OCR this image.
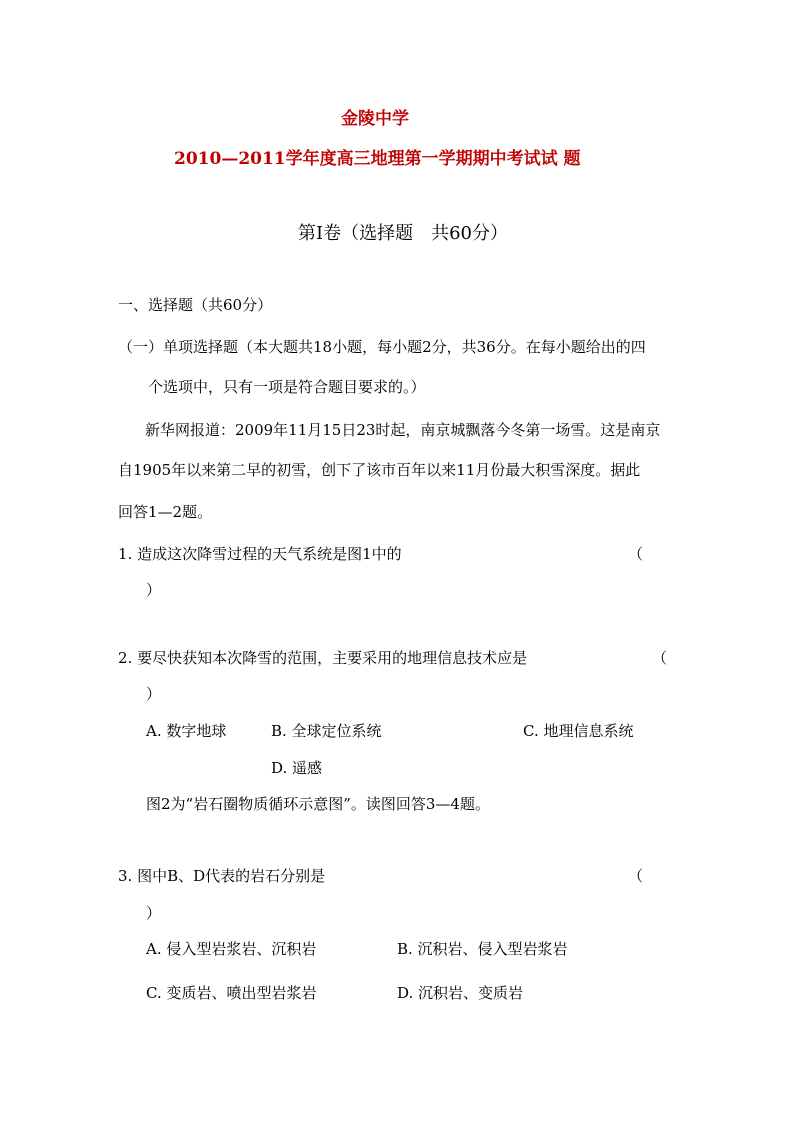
金陵中学
2010—2011学年度高三地理第一学期期中考试试 题
第Ⅰ卷（选择题　共60分）
一、选择题（共60分）
（一）单项选择题（本大题共18小题，每小题2分，共36分。在每小题给出的四
个选项中，只有一项是符合题目要求的。）
新华网报道：2009年11月15日23时起，南京城飘落今冬第一场雪。这是南京
自1905年以来第二早的初雪，创下了该市百年以来11月份最大积雪深度。据此
回答1—2题。
1. 造成这次降雪过程的天气系统是图1中的	（
）
2. 要尽快获知本次降雪的范围，主要采用的地理信息技术应是	（
）
A. 数字地球	B. 全球定位系统	C. 地理信息系统
D. 遥感
图2为“岩石圈物质循环示意图”。读图回答3—4题。
3. 图中B、D代表的岩石分别是	（
）
A. 侵入型岩浆岩、沉积岩	B. 沉积岩、侵入型岩浆岩
C. 变质岩、喷出型岩浆岩	D. 沉积岩、变质岩
